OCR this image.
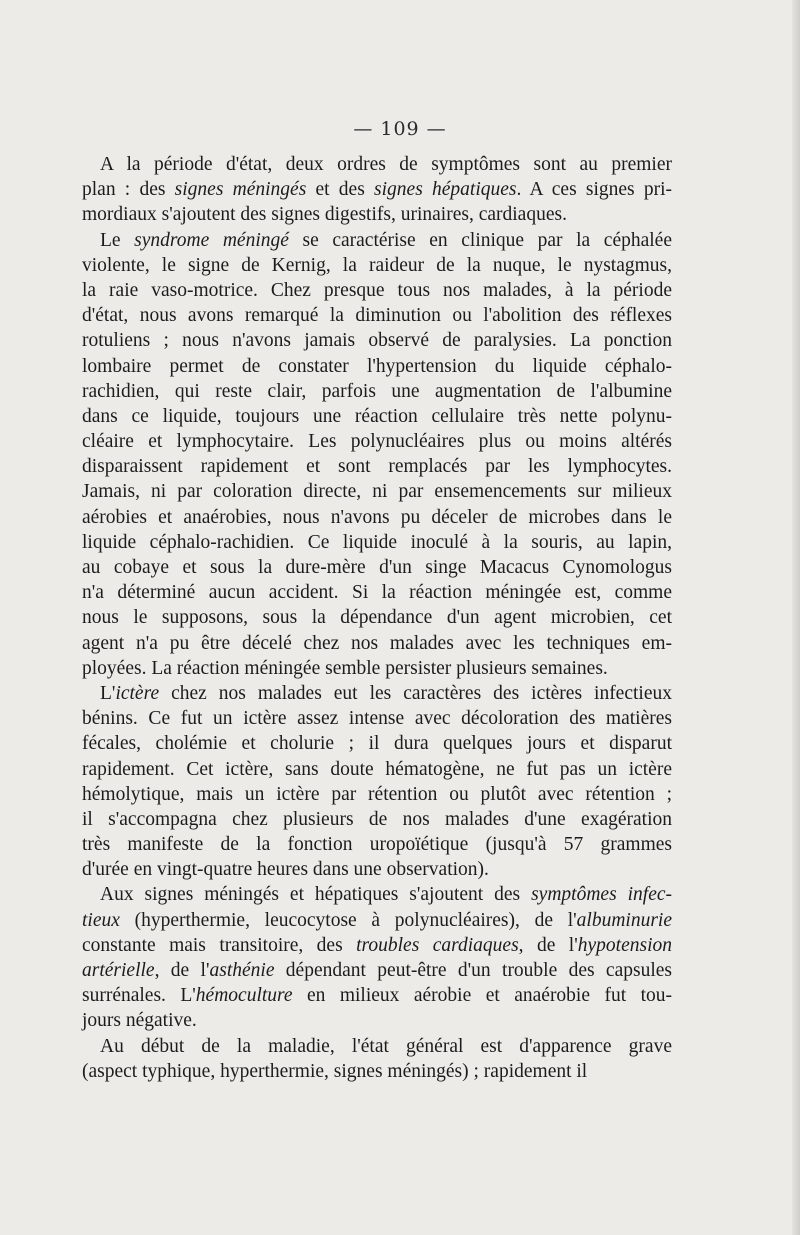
— 109 —
A la période d'état, deux ordres de symptômes sont au premier
plan : des signes méningés et des signes hépatiques. A ces signes pri-
mordiaux s'ajoutent des signes digestifs, urinaires, cardiaques.
Le syndrome méningé se caractérise en clinique par la céphalée
violente, le signe de Kernig, la raideur de la nuque, le nystagmus,
la raie vaso-motrice. Chez presque tous nos malades, à la période
d'état, nous avons remarqué la diminution ou l'abolition des réflexes
rotuliens ; nous n'avons jamais observé de paralysies. La ponction
lombaire permet de constater l'hypertension du liquide céphalo-
rachidien, qui reste clair, parfois une augmentation de l'albumine
dans ce liquide, toujours une réaction cellulaire très nette polynu-
cléaire et lymphocytaire. Les polynucléaires plus ou moins altérés
disparaissent rapidement et sont remplacés par les lymphocytes.
Jamais, ni par coloration directe, ni par ensemencements sur milieux
aérobies et anaérobies, nous n'avons pu déceler de microbes dans le
liquide céphalo-rachidien. Ce liquide inoculé à la souris, au lapin,
au cobaye et sous la dure-mère d'un singe Macacus Cynomologus
n'a déterminé aucun accident. Si la réaction méningée est, comme
nous le supposons, sous la dépendance d'un agent microbien, cet
agent n'a pu être décelé chez nos malades avec les techniques em-
ployées. La réaction méningée semble persister plusieurs semaines.
L'ictère chez nos malades eut les caractères des ictères infectieux
bénins. Ce fut un ictère assez intense avec décoloration des matières
fécales, cholémie et cholurie ; il dura quelques jours et disparut
rapidement. Cet ictère, sans doute hématogène, ne fut pas un ictère
hémolytique, mais un ictère par rétention ou plutôt avec rétention ;
il s'accompagna chez plusieurs de nos malades d'une exagération
très manifeste de la fonction uropoïétique (jusqu'à 57 grammes
d'urée en vingt-quatre heures dans une observation).
Aux signes méningés et hépatiques s'ajoutent des symptômes infec-
tieux (hyperthermie, leucocytose à polynucléaires), de l'albuminurie
constante mais transitoire, des troubles cardiaques, de l'hypotension
artérielle, de l'asthénie dépendant peut-être d'un trouble des capsules
surrénales. L'hémoculture en milieux aérobie et anaérobie fut tou-
jours négative.
Au début de la maladie, l'état général est d'apparence grave
(aspect typhique, hyperthermie, signes méningés) ; rapidement il
